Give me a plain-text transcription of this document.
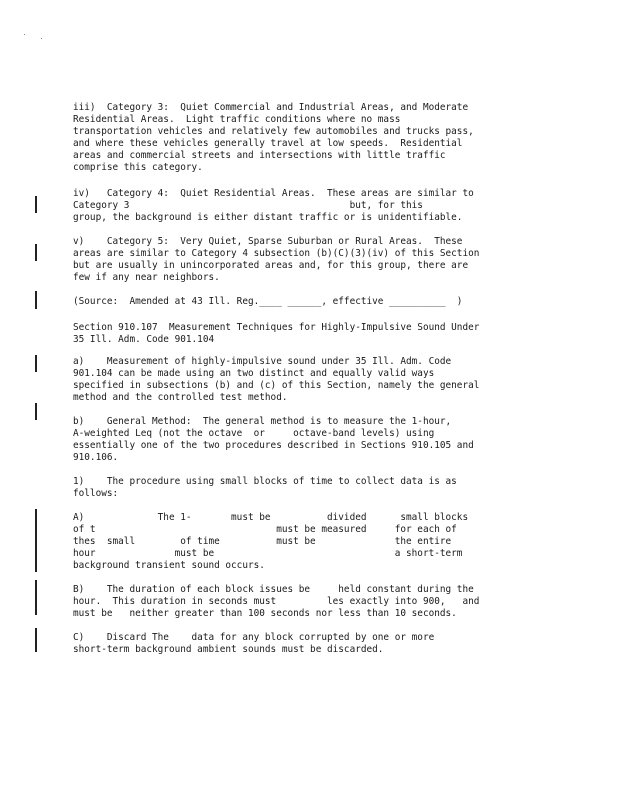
iii)  Category 3:  Quiet Commercial and Industrial Areas, and Moderate
Residential Areas.  Light traffic conditions where no mass
transportation vehicles and relatively few automobiles and trucks pass,
and where these vehicles generally travel at low speeds.  Residential
areas and commercial streets and intersections with little traffic
comprise this category.
iv)   Category 4:  Quiet Residential Areas.  These areas are similar to
Category 3                                       but, for this
group, the background is either distant traffic or is unidentifiable.
v)    Category 5:  Very Quiet, Sparse Suburban or Rural Areas.  These
areas are similar to Category 4 subsection (b)(C)(3)(iv) of this Section
but are usually in unincorporated areas and, for this group, there are
few if any near neighbors.
(Source:  Amended at 43 Ill. Reg.____ ______, effective __________  )
Section 910.107  Measurement Techniques for Highly-Impulsive Sound Under
35 Ill. Adm. Code 901.104
a)    Measurement of highly-impulsive sound under 35 Ill. Adm. Code
901.104 can be made using an two distinct and equally valid ways
specified in subsections (b) and (c) of this Section, namely the general
method and the controlled test method.
b)    General Method:  The general method is to measure the 1-hour,
A-weighted Leq (not the octave  or     octave-band levels) using
essentially one of the two procedures described in Sections 910.105 and
910.106.
1)    The procedure using small blocks of time to collect data is as
follows:
A)             The 1-       must be          divided      small blocks
of t                                must be measured     for each of
thes  small        of time          must be              the entire
hour              must be                                a short-term
background transient sound occurs.
B)    The duration of each block issues be     held constant during the
hour.  This duration in seconds must         les exactly into 900,   and
must be   neither greater than 100 seconds nor less than 10 seconds.
C)    Discard The    data for any block corrupted by one or more
short-term background ambient sounds must be discarded.
